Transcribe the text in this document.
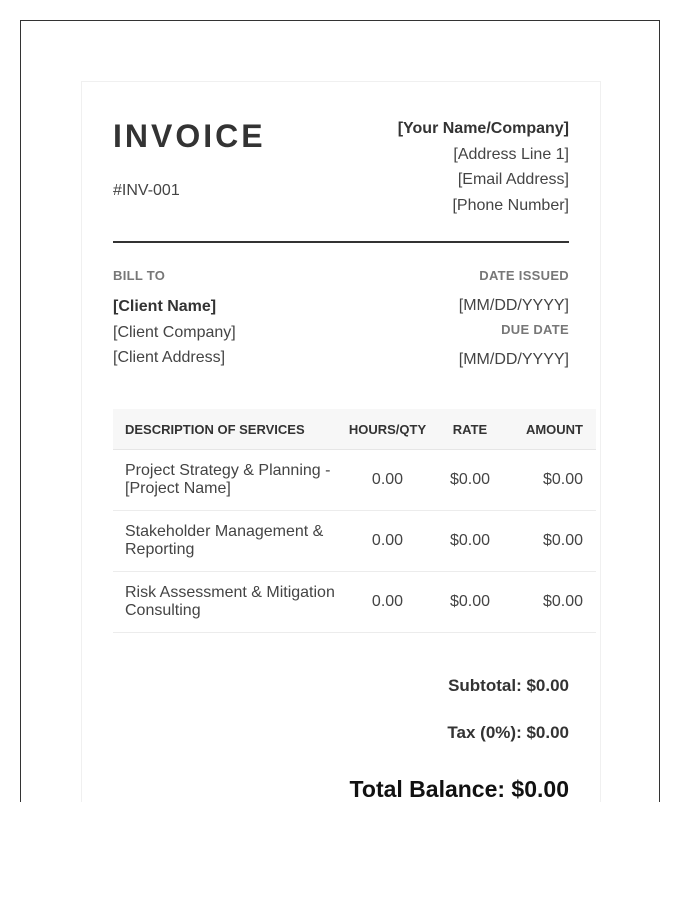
INVOICE
#INV-001
[Your Name/Company]
[Address Line 1]
[Email Address]
[Phone Number]
BILL TO
[Client Name]
[Client Company]
[Client Address]
DATE ISSUED
[MM/DD/YYYY]
DUE DATE
[MM/DD/YYYY]
DESCRIPTION OF SERVICES	HOURS/QTY	RATE	AMOUNT
Project Strategy & Planning - [Project Name]	0.00	$0.00	$0.00
Stakeholder Management & Reporting	0.00	$0.00	$0.00
Risk Assessment & Mitigation Consulting	0.00	$0.00	$0.00
Subtotal: $0.00
Tax (0%): $0.00
Total Balance: $0.00
